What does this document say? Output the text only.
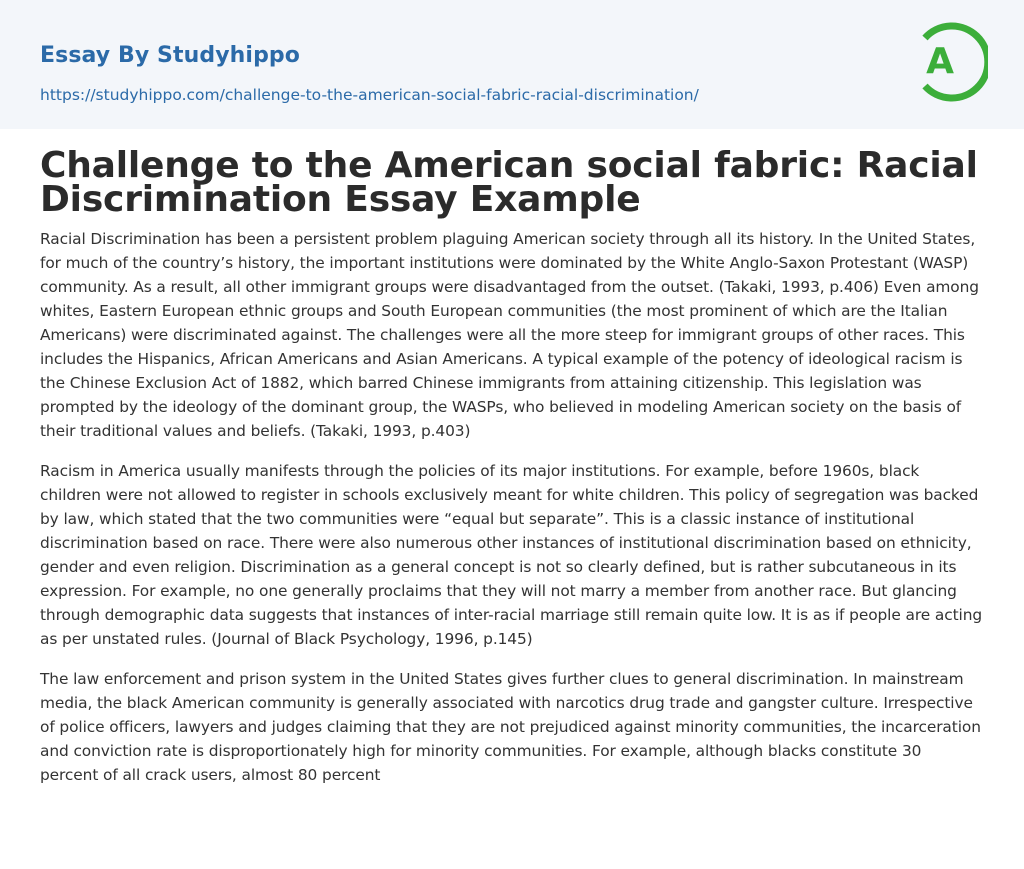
Essay By Studyhippo
https://studyhippo.com/challenge-to-the-american-social-fabric-racial-discrimination/
A
Challenge to the American social fabric: Racial Discrimination Essay Example

Racial Discrimination has been a persistent problem plaguing American society through all its history. In the United States, for much of the country’s history, the important institutions were dominated by the White Anglo-Saxon Protestant (WASP) community. As a result, all other immigrant groups were disadvantaged from the outset. (Takaki, 1993, p.406) Even among whites, Eastern European ethnic groups and South European communities (the most prominent of which are the Italian Americans) were discriminated against. The challenges were all the more steep for immigrant groups of other races. This includes the Hispanics, African Americans and Asian Americans. A typical example of the potency of ideological racism is the Chinese Exclusion Act of 1882, which barred Chinese immigrants from attaining citizenship. This legislation was prompted by the ideology of the dominant group, the WASPs, who believed in modeling American society on the basis of their traditional values and beliefs. (Takaki, 1993, p.403)

Racism in America usually manifests through the policies of its major institutions. For example, before 1960s, black children were not allowed to register in schools exclusively meant for white children. This policy of segregation was backed by law, which stated that the two communities were “equal but separate”. This is a classic instance of institutional discrimination based on race. There were also numerous other instances of institutional discrimination based on ethnicity, gender and even religion. Discrimination as a general concept is not so clearly defined, but is rather subcutaneous in its expression. For example, no one generally proclaims that they will not marry a member from another race. But glancing through demographic data suggests that instances of inter-racial marriage still remain quite low. It is as if people are acting as per unstated rules. (Journal of Black Psychology, 1996, p.145)

The law enforcement and prison system in the United States gives further clues to general discrimination. In mainstream media, the black American community is generally associated with narcotics drug trade and gangster culture. Irrespective of police officers, lawyers and judges claiming that they are not prejudiced against minority communities, the incarceration and conviction rate is disproportionately high for minority communities. For example, although blacks constitute 30 percent of all crack users, almost 80 percent
